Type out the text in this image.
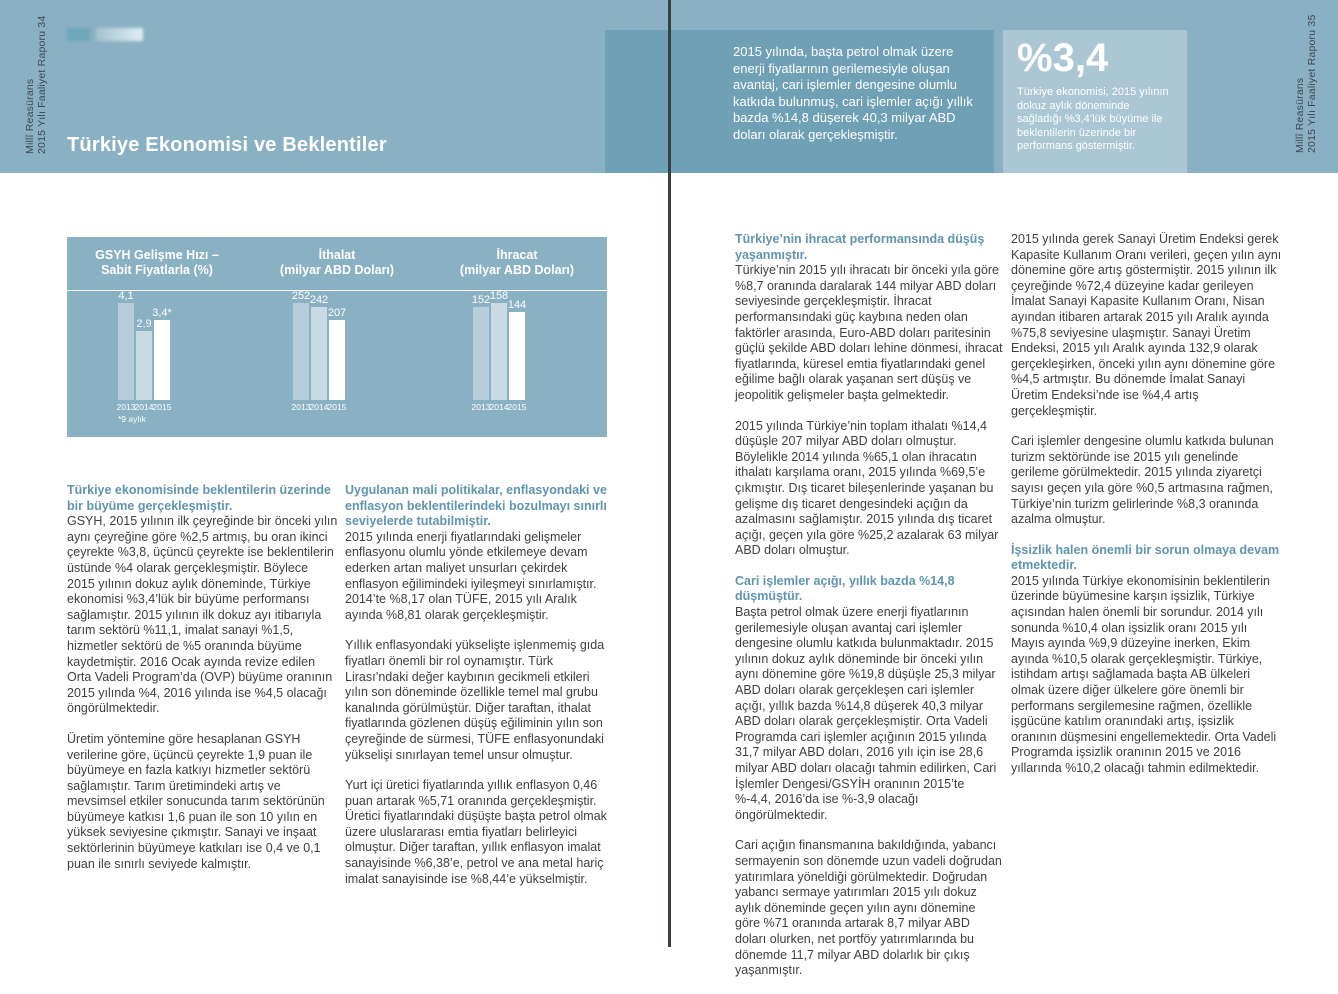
Türkiye Ekonomisi ve Beklentiler
2015 yılında, başta petrol olmak üzere enerji fiyatlarının gerilemesiyle oluşan avantaj, cari işlemler dengesine olumlu katkıda bulunmuş, cari işlemler açığı yıllık bazda %14,8 düşerek 40,3 milyar ABD doları olarak gerçekleşmiştir.
%3,4
Türkiye ekonomisi, 2015 yılının dokuz aylık döneminde sağladığı %3,4’lük büyüme ile beklentilerin üzerinde bir performans göstermiştir.
Millî Reasürans 2015 Yılı Faaliyet Raporu 34	Millî Reasürans 2015 Yılı Faaliyet Raporu 35
GSYH Gelişme Hızı –
Sabit Fiyatlarla (%)
İthalat
(milyar ABD Doları)
İhracat
(milyar ABD Doları)
*9 aylık
4,1
2013
2,9
2014
3,4*
2015
252
2013
242
2014
207
2015
152
2013
158
2014
144
2015

Türkiye ekonomisinde beklentilerin üzerinde bir büyüme gerçekleşmiştir.

GSYH, 2015 yılının ilk çeyreğinde bir önceki yılın aynı çeyreğine göre %2,5 artmış, bu oran ikinci çeyrekte %3,8, üçüncü çeyrekte ise beklentilerin üstünde %4 olarak gerçekleşmiştir. Böylece 2015 yılının dokuz aylık döneminde, Türkiye ekonomisi %3,4’lük bir büyüme performansı sağlamıştır. 2015 yılının ilk dokuz ayı itibarıyla tarım sektörü %11,1, imalat sanayi %1,5, hizmetler sektörü de %5 oranında büyüme kaydetmiştir. 2016 Ocak ayında revize edilen Orta Vadeli Program’da (OVP) büyüme oranının 2015 yılında %4, 2016 yılında ise %4,5 olacağı öngörülmektedir.

Üretim yöntemine göre hesaplanan GSYH verilerine göre, üçüncü çeyrekte 1,9 puan ile büyümeye en fazla katkıyı hizmetler sektörü sağlamıştır. Tarım üretimindeki artış ve mevsimsel etkiler sonucunda tarım sektörünün büyümeye katkısı 1,6 puan ile son 10 yılın en yüksek seviyesine çıkmıştır. Sanayi ve inşaat sektörlerinin büyümeye katkıları ise 0,4 ve 0,1 puan ile sınırlı seviyede kalmıştır.

Uygulanan mali politikalar, enflasyondaki ve enflasyon beklentilerindeki bozulmayı sınırlı seviyelerde tutabilmiştir.

2015 yılında enerji fiyatlarındaki gelişmeler enflasyonu olumlu yönde etkilemeye devam ederken artan maliyet unsurları çekirdek enflasyon eğilimindeki iyileşmeyi sınırlamıştır. 2014’te %8,17 olan TÜFE, 2015 yılı Aralık ayında %8,81 olarak gerçekleşmiştir.

Yıllık enflasyondaki yükselişte işlenmemiş gıda fiyatları önemli bir rol oynamıştır. Türk Lirası’ndaki değer kaybının gecikmeli etkileri yılın son döneminde özellikle temel mal grubu kanalında görülmüştür. Diğer taraftan, ithalat fiyatlarında gözlenen düşüş eğiliminin yılın son çeyreğinde de sürmesi, TÜFE enflasyonundaki yükselişi sınırlayan temel unsur olmuştur.

Yurt içi üretici fiyatlarında yıllık enflasyon 0,46 puan artarak %5,71 oranında gerçekleşmiştir. Üretici fiyatlarındaki düşüşte başta petrol olmak üzere uluslararası emtia fiyatları belirleyici olmuştur. Diğer taraftan, yıllık enflasyon imalat sanayisinde %6,38’e, petrol ve ana metal hariç imalat sanayisinde ise %8,44’e yükselmiştir.

Türkiye’nin ihracat performansında düşüş yaşanmıştır.

Türkiye’nin 2015 yılı ihracatı bir önceki yıla göre %8,7 oranında daralarak 144 milyar ABD doları seviyesinde gerçekleşmiştir. İhracat performansındaki güç kaybına neden olan faktörler arasında, Euro-ABD doları paritesinin güçlü şekilde ABD doları lehine dönmesi, ihracat fiyatlarında, küresel emtia fiyatlarındaki genel eğilime bağlı olarak yaşanan sert düşüş ve jeopolitik gelişmeler başta gelmektedir.

2015 yılında Türkiye’nin toplam ithalatı %14,4 düşüşle 207 milyar ABD doları olmuştur. Böylelikle 2014 yılında %65,1 olan ihracatın ithalatı karşılama oranı, 2015 yılında %69,5’e çıkmıştır. Dış ticaret bileşenlerinde yaşanan bu gelişme dış ticaret dengesindeki açığın da azalmasını sağlamıştır. 2015 yılında dış ticaret açığı, geçen yıla göre %25,2 azalarak 63 milyar ABD doları olmuştur.

Cari işlemler açığı, yıllık bazda %14,8 düşmüştür.

Başta petrol olmak üzere enerji fiyatlarının gerilemesiyle oluşan avantaj cari işlemler dengesine olumlu katkıda bulunmaktadır. 2015 yılının dokuz aylık döneminde bir önceki yılın aynı dönemine göre %19,8 düşüşle 25,3 milyar ABD doları olarak gerçekleşen cari işlemler açığı, yıllık bazda %14,8 düşerek 40,3 milyar ABD doları olarak gerçekleşmiştir. Orta Vadeli Programda cari işlemler açığının 2015 yılında 31,7 milyar ABD doları, 2016 yılı için ise 28,6 milyar ABD doları olacağı tahmin edilirken, Cari İşlemler Dengesi/GSYİH oranının 2015’te %-4,4, 2016’da ise %-3,9 olacağı öngörülmektedir.

Cari açığın finansmanına bakıldığında, yabancı sermayenin son dönemde uzun vadeli doğrudan yatırımlara yöneldiği görülmektedir. Doğrudan yabancı sermaye yatırımları 2015 yılı dokuz aylık döneminde geçen yılın aynı dönemine göre %71 oranında artarak 8,7 milyar ABD doları olurken, net portföy yatırımlarında bu dönemde 11,7 milyar ABD dolarlık bir çıkış yaşanmıştır.

2015 yılında gerek Sanayi Üretim Endeksi gerek Kapasite Kullanım Oranı verileri, geçen yılın aynı dönemine göre artış göstermiştir. 2015 yılının ilk çeyreğinde %72,4 düzeyine kadar gerileyen İmalat Sanayi Kapasite Kullanım Oranı, Nisan ayından itibaren artarak 2015 yılı Aralık ayında %75,8 seviyesine ulaşmıştır. Sanayi Üretim Endeksi, 2015 yılı Aralık ayında 132,9 olarak gerçekleşirken, önceki yılın aynı dönemine göre %4,5 artmıştır. Bu dönemde İmalat Sanayi Üretim Endeksi’nde ise %4,4 artış gerçekleşmiştir.

Cari işlemler dengesine olumlu katkıda bulunan turizm sektöründe ise 2015 yılı genelinde gerileme görülmektedir. 2015 yılında ziyaretçi sayısı geçen yıla göre %0,5 artmasına rağmen, Türkiye’nin turizm gelirlerinde %8,3 oranında azalma olmuştur.

İşsizlik halen önemli bir sorun olmaya devam etmektedir.

2015 yılında Türkiye ekonomisinin beklentilerin üzerinde büyümesine karşın işsizlik, Türkiye açısından halen önemli bir sorundur. 2014 yılı sonunda %10,4 olan işsizlik oranı 2015 yılı Mayıs ayında %9,9 düzeyine inerken, Ekim ayında %10,5 olarak gerçekleşmiştir. Türkiye, istihdam artışı sağlamada başta AB ülkeleri olmak üzere diğer ülkelere göre önemli bir performans sergilemesine rağmen, özellikle işgücüne katılım oranındaki artış, işsizlik oranının düşmesini engellemektedir. Orta Vadeli Programda işsizlik oranının 2015 ve 2016 yıllarında %10,2 olacağı tahmin edilmektedir.
